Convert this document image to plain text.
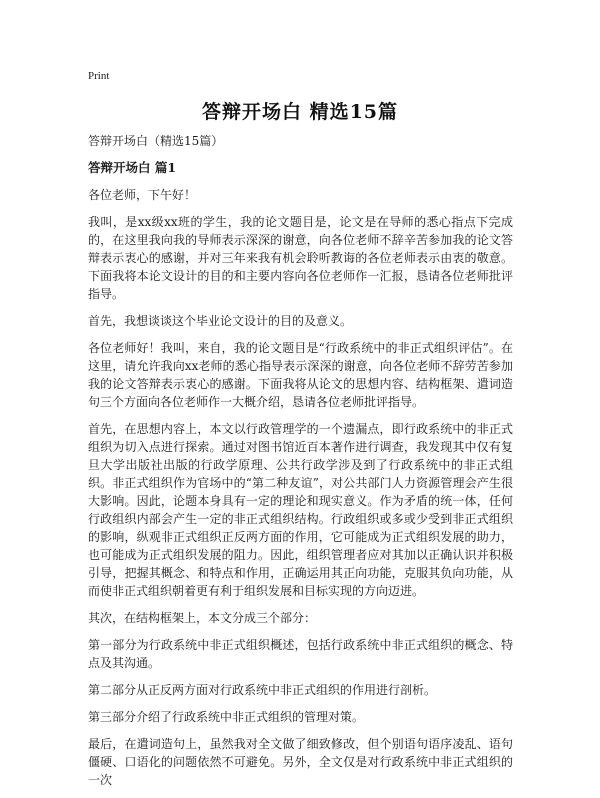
Print
答辩开场白 精选15篇
答辩开场白（精选15篇）
答辩开场白 篇1

各位老师，下午好！

我叫，是xx级xx班的学生，我的论文题目是，论文是在导师的悉心指点下完成的，在这里我向我的导师表示深深的谢意，向各位老师不辞辛苦参加我的论文答辩表示衷心的感谢，并对三年来我有机会聆听教诲的各位老师表示由衷的敬意。下面我将本论文设计的目的和主要内容向各位老师作一汇报，恳请各位老师批评指导。

首先，我想谈谈这个毕业论文设计的目的及意义。

各位老师好！我叫，来自，我的论文题目是“行政系统中的非正式组织评估”。在这里，请允许我向xx老师的悉心指导表示深深的谢意，向各位老师不辞劳苦参加我的论文答辩表示衷心的感谢。下面我将从论文的思想内容、结构框架、遣词造句三个方面向各位老师作一大概介绍，恳请各位老师批评指导。

首先，在思想内容上，本文以行政管理学的一个遗漏点，即行政系统中的非正式组织为切入点进行探索。通过对图书馆近百本著作进行调查，我发现其中仅有复旦大学出版社出版的行政学原理、公共行政学涉及到了行政系统中的非正式组织。非正式组织作为官场中的“第二种友谊”，对公共部门人力资源管理会产生很大影响。因此，论题本身具有一定的理论和现实意义。作为矛盾的统一体，任何行政组织内部会产生一定的非正式组织结构。行政组织或多或少受到非正式组织的影响，纵观非正式组织正反两方面的作用，它可能成为正式组织发展的助力，也可能成为正式组织发展的阻力。因此，组织管理者应对其加以正确认识并积极引导，把握其概念、和特点和作用，正确运用其正向功能，克服其负向功能，从而使非正式组织朝着更有利于组织发展和目标实现的方向迈进。

其次，在结构框架上，本文分成三个部分：

第一部分为行政系统中非正式组织概述，包括行政系统中非正式组织的概念、特点及其沟通。

第二部分从正反两方面对行政系统中非正式组织的作用进行剖析。

第三部分介绍了行政系统中非正式组织的管理对策。

最后，在遣词造句上，虽然我对全文做了细致修改，但个别语句语序凌乱、语句僵硬、口语化的问题依然不可避免。另外，全文仅是对行政系统中非正式组织的一次
